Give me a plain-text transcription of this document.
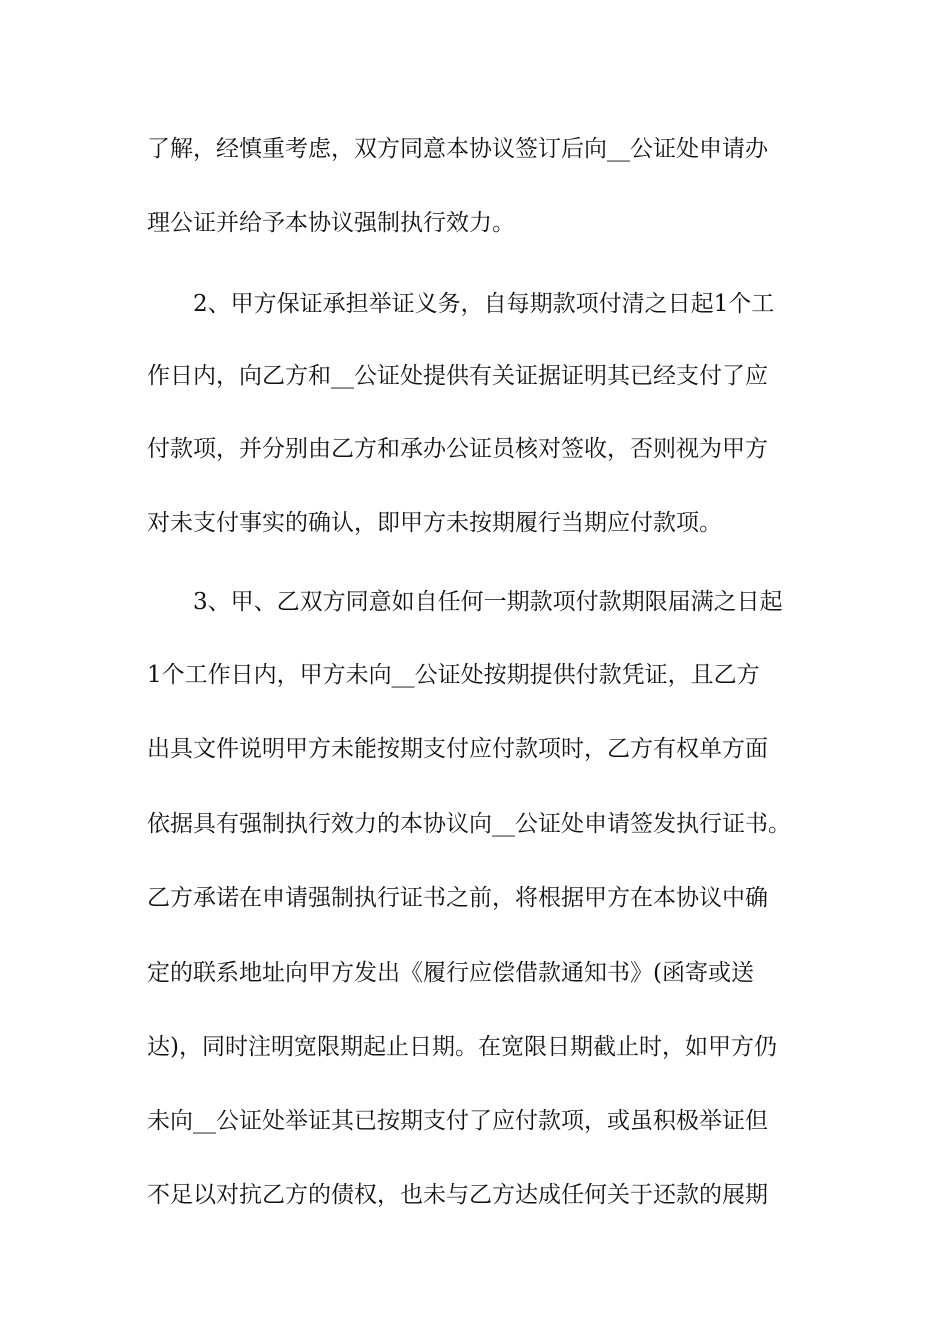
了解，经慎重考虑，双方同意本协议签订后向__公证处申请办
理公证并给予本协议强制执行效力。
2、甲方保证承担举证义务，自每期款项付清之日起1个工
作日内，向乙方和__公证处提供有关证据证明其已经支付了应
付款项，并分别由乙方和承办公证员核对签收，否则视为甲方
对未支付事实的确认，即甲方未按期履行当期应付款项。
3、甲、乙双方同意如自任何一期款项付款期限届满之日起
1个工作日内，甲方未向__公证处按期提供付款凭证，且乙方
出具文件说明甲方未能按期支付应付款项时，乙方有权单方面
依据具有强制执行效力的本协议向__公证处申请签发执行证书。
乙方承诺在申请强制执行证书之前，将根据甲方在本协议中确
定的联系地址向甲方发出《履行应偿借款通知书》(函寄或送
达)，同时注明宽限期起止日期。在宽限日期截止时，如甲方仍
未向__公证处举证其已按期支付了应付款项，或虽积极举证但
不足以对抗乙方的债权，也未与乙方达成任何关于还款的展期
